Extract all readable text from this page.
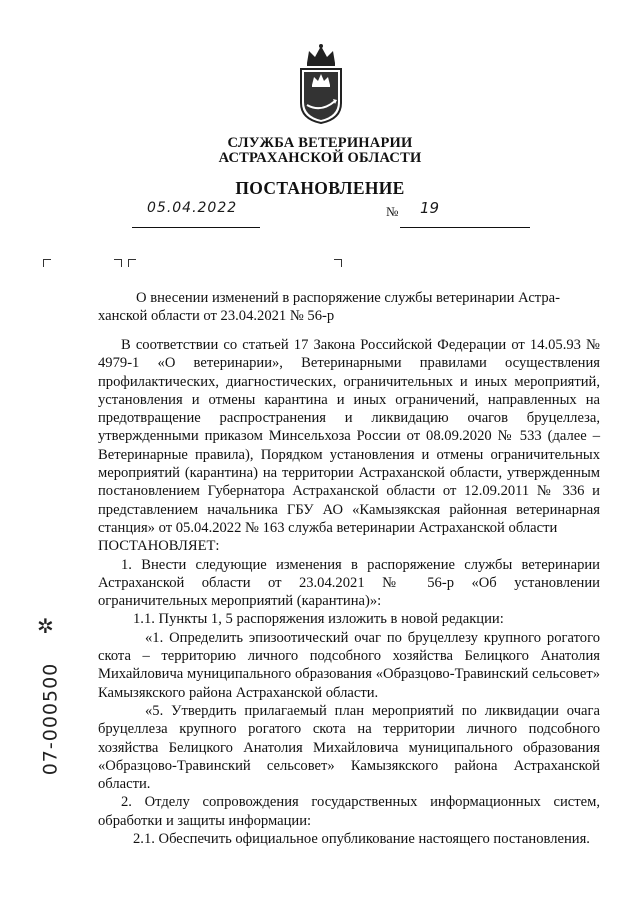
СЛУЖБА ВЕТЕРИНАРИИ
АСТРАХАНСКОЙ ОБЛАСТИ
ПОСТАНОВЛЕНИЕ
05.04.2022	№ 19

О внесении изменений в распоряжение службы ветеринарии Астра-

ханской области от 23.04.2021 № 56-р

В соответствии со статьей 17 Закона Российской Федерации от 14.05.93 № 4979-1 «О ветеринарии», Ветеринарными правилами осуществления профилактических, диагностических, ограничительных и иных мероприятий, установления и отмены карантина и иных ограничений, направленных на предотвращение распространения и ликвидацию очагов бруцеллеза, утвержденными приказом Минсельхоза России от 08.09.2020 № 533 (далее – Ветеринарные правила), Порядком установления и отмены ограничительных мероприятий (карантина) на территории Астраханской области, утвержденным постановлением Губернатора Астраханской области от 12.09.2011 № 336 и представлением начальника ГБУ АО «Камызякская районная ветеринарная станция» от 05.04.2022 № 163 служба ветеринарии Астраханской области

ПОСТАНОВЛЯЕТ:

1. Внести следующие изменения в распоряжение службы ветеринарии Астраханской области от 23.04.2021 № 56-р «Об установлении ограничительных мероприятий (карантина)»:

1.1. Пункты 1, 5 распоряжения изложить в новой редакции:

«1. Определить эпизоотический очаг по бруцеллезу крупного рогатого скота – территорию личного подсобного хозяйства Белицкого Анатолия Михайловича муниципального образования «Образцово-Травинский сельсовет» Камызякского района Астраханской области.

«5. Утвердить прилагаемый план мероприятий по ликвидации очага бруцеллеза крупного рогатого скота на территории личного подсобного хозяйства Белицкого Анатолия Михайловича муниципального образования «Образцово-Травинский сельсовет» Камызякского района Астраханской области.

2. Отделу сопровождения государственных информационных систем, обработки и защиты информации:

2.1. Обеспечить официальное опубликование настоящего постановления.

✲
07-000500
